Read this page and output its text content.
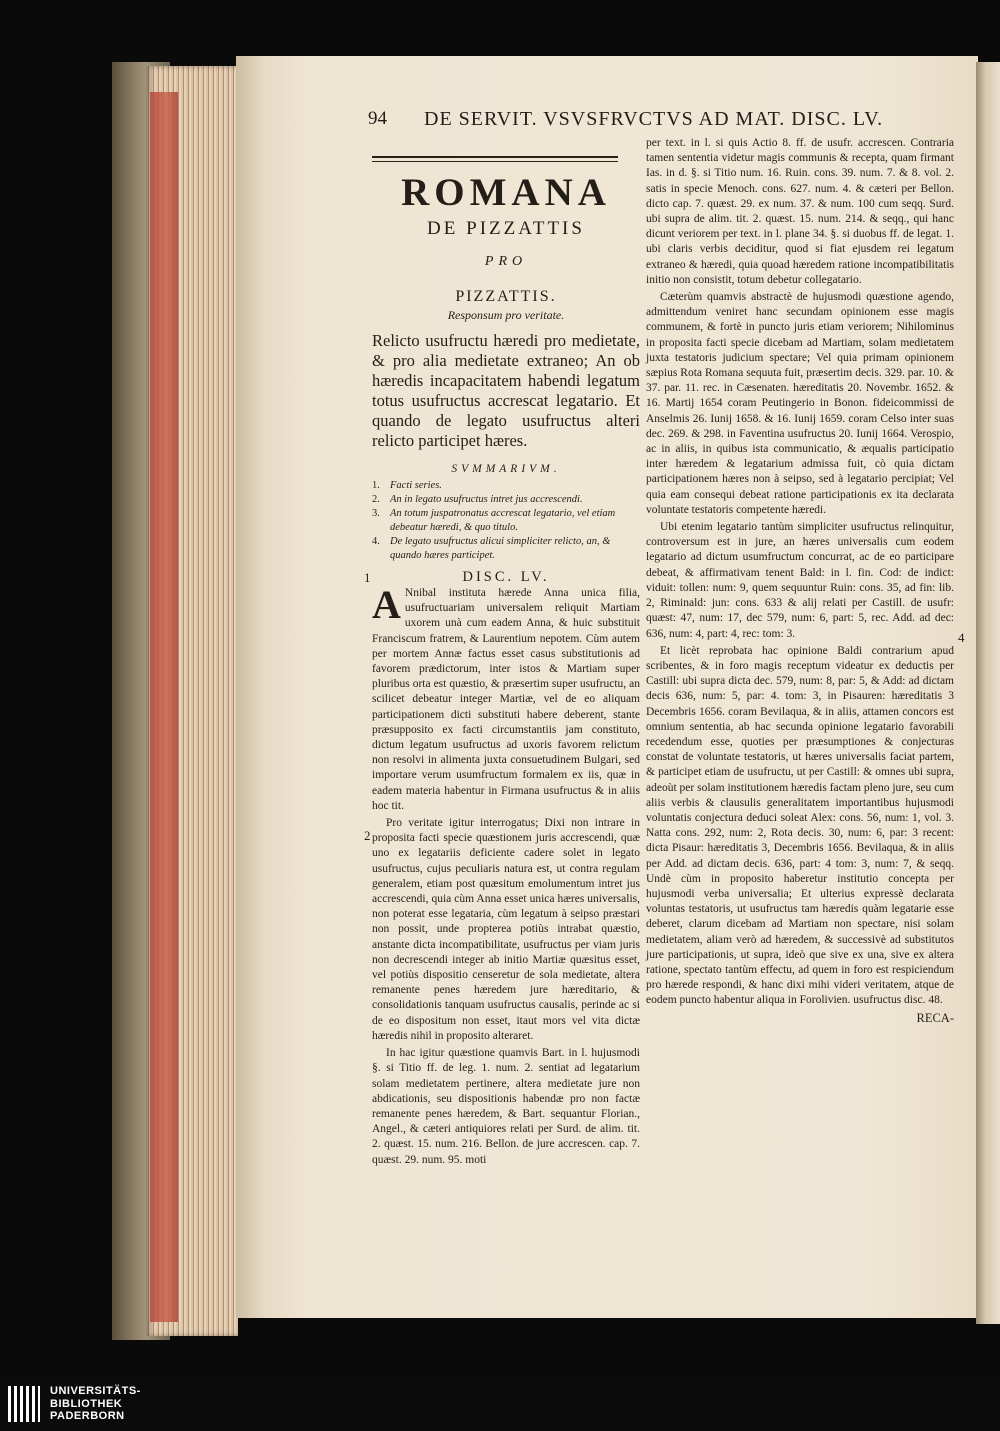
94 DE SERVIT. VSVSFRVCTVS AD MAT. DISC. LV.
ROMANA
DE PIZZATTIS
PRO
PIZZATTIS.
Responsum pro veritate.
Relicto usufructu hæredi pro medietate, & pro alia medietate extraneo; An ob hæredis incapacitatem habendi legatum totus usufructus accrescat legatario. Et quando de legato usufructus alteri relicto participet hæres.
SVMMARIVM.
1. Facti series.
2. An in legato usufructus intret jus accrescendi.
3. An totum juspatronatus accrescat legatario, vel etiam debeatur hæredi, & quo titulo.
4. De legato usufructus alicui simpliciter relicto, an, & quando hæres participet.
DISC. LV.

A Nnibal instituta hærede Anna unica filia, usufructuariam universalem reliquit Martiam uxorem unà cum eadem Anna, & huic substituit Franciscum fratrem, & Laurentium nepotem. Cùm autem per mortem Annæ factus esset casus substitutionis ad favorem prædictorum, inter istos & Martiam super pluribus orta est quæstio, & præsertim super usufructu, an scilicet debeatur integer Martiæ, vel de eo aliquam participationem dicti substituti habere deberent, stante præsupposito ex facti circumstantiis jam constituto, dictum legatum usufructus ad uxoris favorem relictum non resolvi in alimenta juxta consuetudinem Bulgari, sed importare verum usumfructum formalem ex iis, quæ in eadem materia habentur in Firmana usufructus & in aliis hoc tit.

Pro veritate igitur interrogatus; Dixi non intrare in proposita facti specie quæstionem juris accrescendi, quæ uno ex legatariis deficiente cadere solet in legato usufructus, cujus peculiaris natura est, ut contra regulam generalem, etiam post quæsitum emolumentum intret jus accrescendi, quia cùm Anna esset unica hæres universalis, non poterat esse legataria, cùm legatum à seipso præstari non possit, unde propterea potiùs intrabat quæstio, anstante dicta incompatibilitate, usufructus per viam juris non decrescendi integer ab initio Martiæ quæsitus esset, vel potiùs dispositio censeretur de sola medietate, altera remanente penes hæredem jure hæreditario, & consolidationis tanquam usufructus causalis, perinde ac si de eo dispositum non esset, itaut mors vel vita dictæ hæredis nihil in proposito alteraret.

In hac igitur quæstione quamvis Bart. in l. hujusmodi §. si Titio ff. de leg. 1. num. 2. sentiat ad legatarium solam medietatem pertinere, altera medietate jure non abdicationis, seu dispositionis habendæ pro non factæ remanente penes hæredem, & Bart. sequantur Florian., Angel., & cæteri antiquiores relati per Surd. de alim. tit. 2. quæst. 15. num. 216. Bellon. de jure accrescen. cap. 7. quæst. 29. num. 95. moti

1
2
4

per text. in l. si quis Actio 8. ff. de usufr. accrescen. Contraria tamen sententia videtur magis communis & recepta, quam firmant Ias. in d. §. si Titio num. 16. Ruin. cons. 39. num. 7. & 8. vol. 2. satis in specie Menoch. cons. 627. num. 4. & cæteri per Bellon. dicto cap. 7. quæst. 29. ex num. 37. & num. 100 cum seqq. Surd. ubi supra de alim. tit. 2. quæst. 15. num. 214. & seqq., qui hanc dicunt veriorem per text. in l. plane 34. §. si duobus ff. de legat. 1. ubi claris verbis deciditur, quod si fiat ejusdem rei legatum extraneo & hæredi, quia quoad hæredem ratione incompatibilitatis initio non consistit, totum debetur collegatario.

Cæterùm quamvis abstractè de hujusmodi quæstione agendo, admittendum veniret hanc secundam opinionem esse magis communem, & fortè in puncto juris etiam veriorem; Nihilominus in proposita facti specie dicebam ad Martiam, solam medietatem juxta testatoris judicium spectare; Vel quia primam opinionem sæpius Rota Romana sequuta fuit, præsertim decis. 329. par. 10. & 37. par. 11. rec. in Cæsenaten. hæreditatis 20. Novembr. 1652. & 16. Martij 1654 coram Peutingerio in Bonon. fideicommissi de Anselmis 26. Iunij 1658. & 16. Iunij 1659. coram Celso inter suas dec. 269. & 298. in Faventina usufructus 20. Iunij 1664. Verospio, ac in aliis, in quibus ista communicatio, & æqualis participatio inter hæredem & legatarium admissa fuit, cò quia dictam participationem hæres non à seipso, sed à legatario percipiat; Vel quia eam consequi debeat ratione participationis ex ita declarata voluntate testatoris competente hæredi.

Ubi etenim legatario tantùm simpliciter usufructus relinquitur, controversum est in jure, an hæres universalis cum eodem legatario ad dictum usumfructum concurrat, ac de eo participare debeat, & affirmativam tenent Bald: in l. fin. Cod: de indict: viduit: tollen: num: 9, quem sequuntur Ruin: cons. 35, ad fin: lib. 2, Riminald: jun: cons. 633 & alij relati per Castill. de usufr: quæst: 47, num: 17, dec 579, num: 6, part: 5, rec. Add. ad dec: 636, num: 4, part: 4, rec: tom: 3.

Et licèt reprobata hac opinione Baldi contrarium apud scribentes, & in foro magis receptum videatur ex deductis per Castill: ubi supra dicta dec. 579, num: 8, par: 5, & Add: ad dictam decis 636, num: 5, par: 4. tom: 3, in Pisauren: hæreditatis 3 Decembris 1656. coram Bevilaqua, & in aliis, attamen concors est omnium sententia, ab hac secunda opinione legatario favorabili recedendum esse, quoties per præsumptiones & conjecturas constat de voluntate testatoris, ut hæres universalis faciat partem, & participet etiam de usufructu, ut per Castill: & omnes ubi supra, adeoùt per solam institutionem hæredis factam pleno jure, seu cum aliis verbis & clausulis generalitatem importantibus hujusmodi voluntatis conjectura deduci soleat Alex: cons. 56, num: 1, vol. 3. Natta cons. 292, num: 2, Rota decis. 30, num: 6, par: 3 recent: dicta Pisaur: hæreditatis 3, Decembris 1656. Bevilaqua, & in aliis per Add. ad dictam decis. 636, part: 4 tom: 3, num: 7, & seqq. Undè cùm in proposito haberetur institutio concepta per hujusmodi verba universalia; Et ulterius expressè declarata voluntas testatoris, ut usufructus tam hæredis quàm legatarie esse deberet, clarum dicebam ad Martiam non spectare, nisi solam medietatem, aliam verò ad hæredem, & successivè ad substitutos jure participationis, ut supra, ideò que sive ex una, sive ex altera ratione, spectato tantùm effectu, ad quem in foro est respiciendum pro hærede respondi, & hanc dixi mihi videri veritatem, atque de eodem puncto habentur aliqua in Forolivien. usufructus disc. 48.

RECA-
UNIVERSITÄTS-
BIBLIOTHEK
PADERBORN
